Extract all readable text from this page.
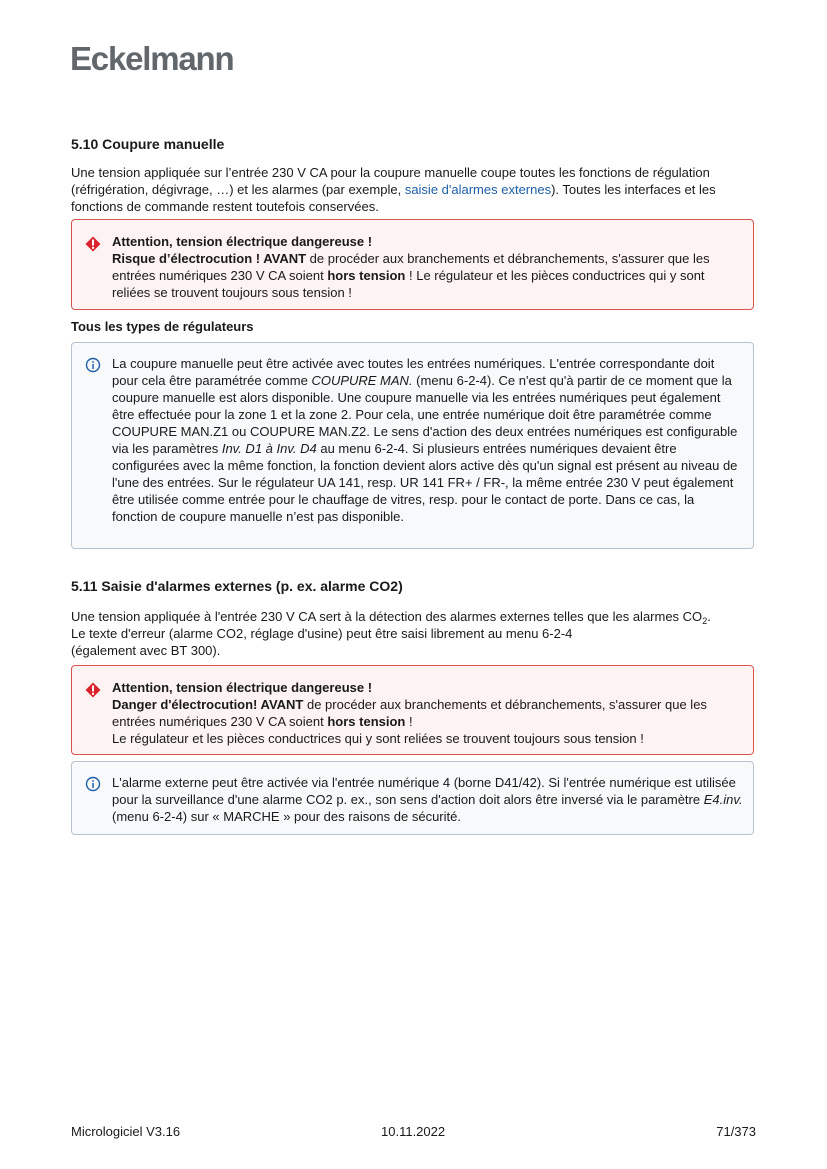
Eckelmann
5.10 Coupure manuelle

Une tension appliquée sur l’entrée 230 V CA pour la coupure manuelle coupe toutes les fonctions de régulation (réfrigération, dégivrage, …) et les alarmes (par exemple, saisie d'alarmes externes). Toutes les interfaces et les fonctions de commande restent toutefois conservées.

Attention, tension électrique dangereuse !
Risque d’électrocution ! AVANT de procéder aux branchements et débranchements, s'assurer que les entrées numériques 230 V CA soient hors tension ! Le régulateur et les pièces conductrices qui y sont reliées se trouvent toujours sous tension !
Tous les types de régulateurs
La coupure manuelle peut être activée avec toutes les entrées numériques. L'entrée correspondante doit pour cela être paramétrée comme COUPURE MAN. (menu 6-2-4). Ce n'est qu'à partir de ce moment que la coupure manuelle est alors disponible. Une coupure manuelle via les entrées numériques peut également être effectuée pour la zone 1 et la zone 2. Pour cela, une entrée numérique doit être paramétrée comme COUPURE MAN.Z1 ou COUPURE MAN.Z2. Le sens d'action des deux entrées numériques est configurable via les paramètres Inv. D1 à Inv. D4 au menu 6-2-4. Si plusieurs entrées numériques devaient être configurées avec la même fonction, la fonction devient alors active dès qu'un signal est présent au niveau de l'une des entrées. Sur le régulateur UA 141, resp. UR 141 FR+ / FR-, la même entrée 230 V peut également être utilisée comme entrée pour le chauffage de vitres, resp. pour le contact de porte. Dans ce cas, la fonction de coupure manuelle n’est pas disponible.
5.11 Saisie d'alarmes externes (p. ex. alarme CO2)

Une tension appliquée à l'entrée 230 V CA sert à la détection des alarmes externes telles que les alarmes $CO_2$.
Le texte d'erreur (alarme CO2, réglage d'usine) peut être saisi librement au menu 6-2-4
(également avec BT 300).

Attention, tension électrique dangereuse !
Danger d'électrocution! AVANT de procéder aux branchements et débranchements, s'assurer que les entrées numériques 230 V CA soient hors tension !
Le régulateur et les pièces conductrices qui y sont reliées se trouvent toujours sous tension !
L'alarme externe peut être activée via l'entrée numérique 4 (borne D41/42). Si l'entrée numérique est utilisée pour la surveillance d'une alarme CO2 p. ex., son sens d'action doit alors être inversé via le paramètre E4.inv. (menu 6-2-4) sur « MARCHE » pour des raisons de sécurité.
Micrologiciel V3.16	10.11.2022	71/373
